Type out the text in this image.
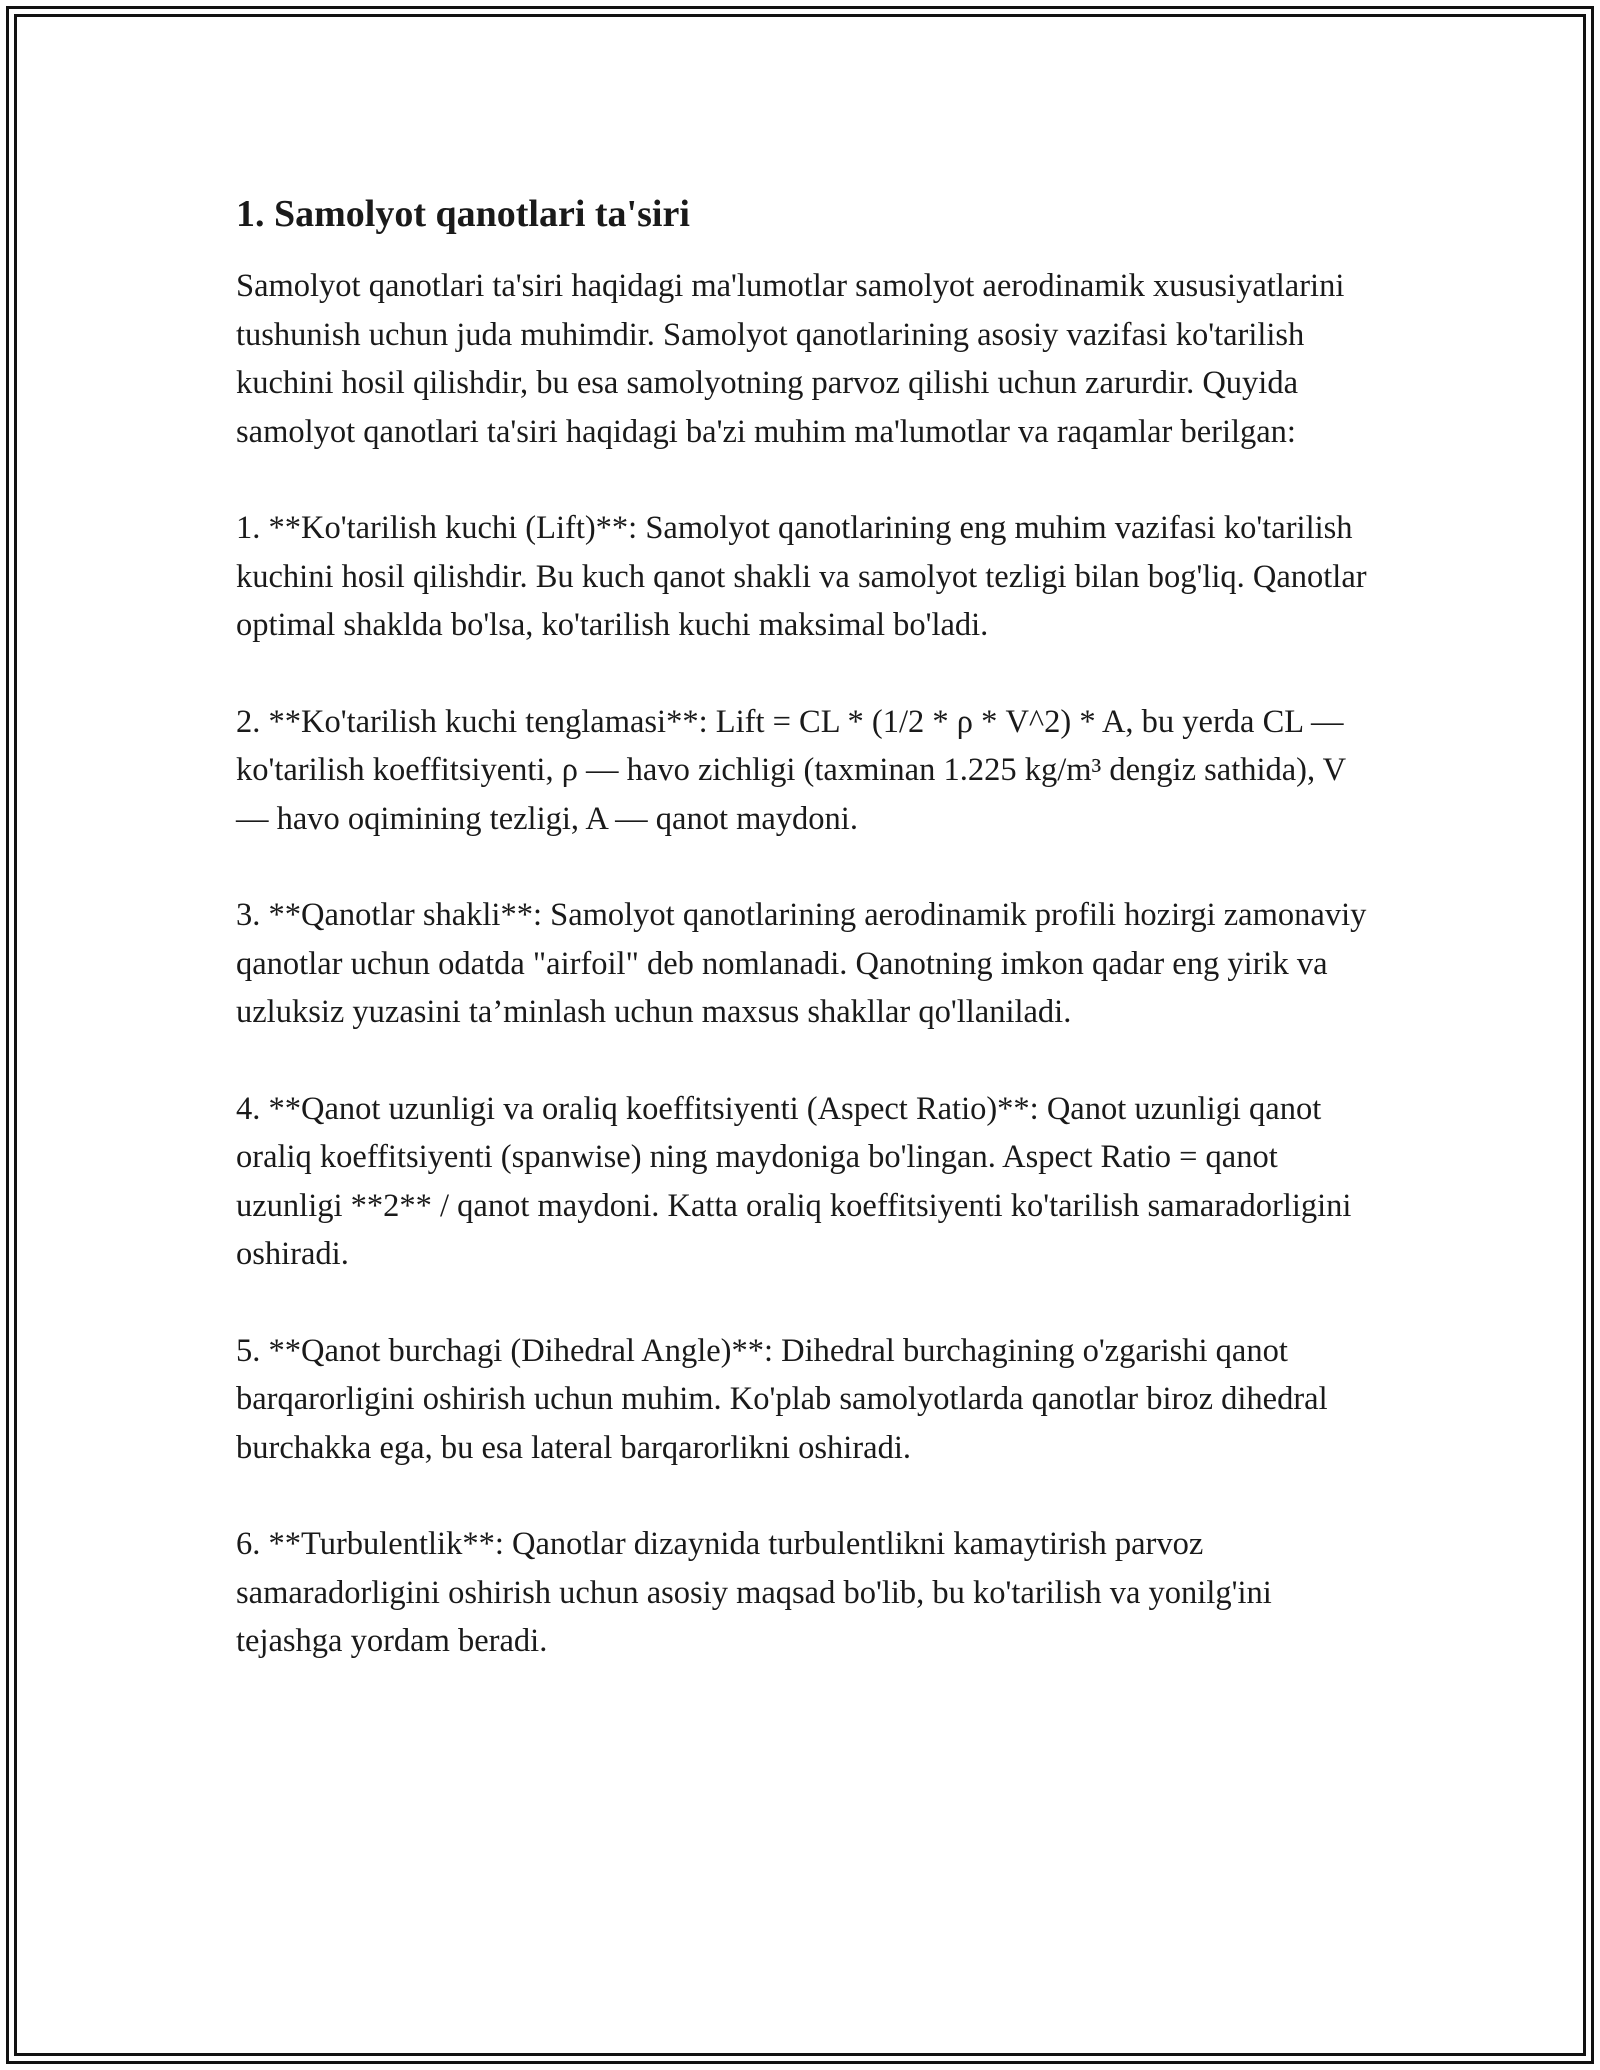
1. Samolyot qanotlari ta'siri

Samolyot qanotlari ta'siri haqidagi ma'lumotlar samolyot aerodinamik xususiyatlarini tushunish uchun juda muhimdir. Samolyot qanotlarining asosiy vazifasi ko'tarilish kuchini hosil qilishdir, bu esa samolyotning parvoz qilishi uchun zarurdir. Quyida samolyot qanotlari ta'siri haqidagi ba'zi muhim ma'lumotlar va raqamlar berilgan:

1. **Ko'tarilish kuchi (Lift)**: Samolyot qanotlarining eng muhim vazifasi ko'tarilish kuchini hosil qilishdir. Bu kuch qanot shakli va samolyot tezligi bilan bog'liq. Qanotlar optimal shaklda bo'lsa, ko'tarilish kuchi maksimal bo'ladi.

2. **Ko'tarilish kuchi tenglamasi**: Lift = CL * (1/2 * ρ * V^2) * A, bu yerda CL — ko'tarilish koeffitsiyenti, ρ — havo zichligi (taxminan 1.225 kg/m³ dengiz sathida), V — havo oqimining tezligi, A — qanot maydoni.

3. **Qanotlar shakli**: Samolyot qanotlarining aerodinamik profili hozirgi zamonaviy qanotlar uchun odatda "airfoil" deb nomlanadi. Qanotning imkon qadar eng yirik va uzluksiz yuzasini ta’minlash uchun maxsus shakllar qo'llaniladi.

4. **Qanot uzunligi va oraliq koeffitsiyenti (Aspect Ratio)**: Qanot uzunligi qanot oraliq koeffitsiyenti (spanwise) ning maydoniga bo'lingan. Aspect Ratio = qanot uzunligi **2** / qanot maydoni. Katta oraliq koeffitsiyenti ko'tarilish samaradorligini oshiradi.

5. **Qanot burchagi (Dihedral Angle)**: Dihedral burchagining o'zgarishi qanot barqarorligini oshirish uchun muhim. Ko'plab samolyotlarda qanotlar biroz dihedral burchakka ega, bu esa lateral barqarorlikni oshiradi.

6. **Turbulentlik**: Qanotlar dizaynida turbulentlikni kamaytirish parvoz samaradorligini oshirish uchun asosiy maqsad bo'lib, bu ko'tarilish va yonilg'ini tejashga yordam beradi.
